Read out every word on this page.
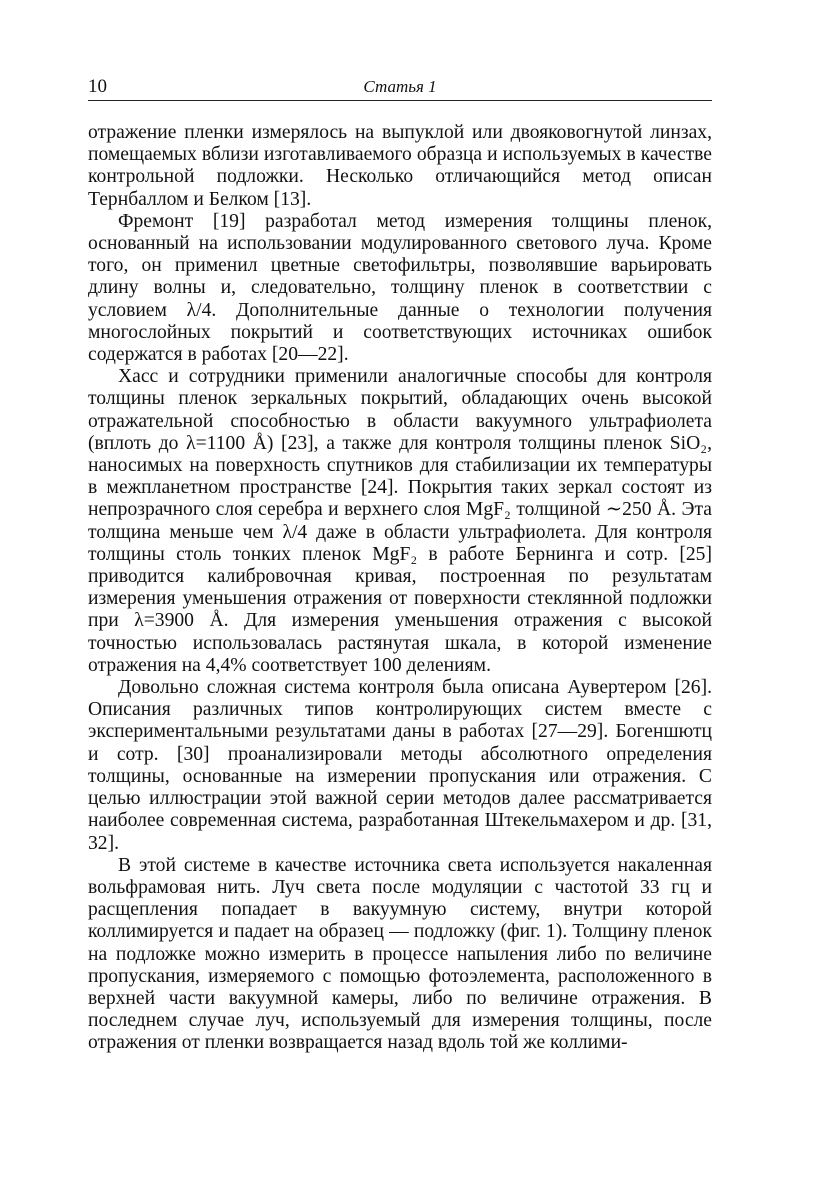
10	Статья 1

отражение пленки измерялось на выпуклой или двояковогнутой линзах, помещаемых вблизи изготавливаемого образца и используемых в качестве контрольной подложки. Несколько отличающийся метод описан Тернбаллом и Белком [13].

Фремонт [19] разработал метод измерения толщины пленок, основанный на использовании модулированного светового луча. Кроме того, он применил цветные светофильтры, позволявшие варьировать длину волны и, следовательно, толщину пленок в соответствии с условием λ/4. Дополнительные данные о технологии получения многослойных покрытий и соответствующих источниках ошибок содержатся в работах [20—22].

Хасс и сотрудники применили аналогичные способы для контроля толщины пленок зеркальных покрытий, обладающих очень высокой отражательной способностью в области вакуумного ультрафиолета (вплоть до λ=1100 Å) [23], а также для контроля толщины пленок SiO₂, наносимых на поверхность спутников для стабилизации их температуры в межпланетном пространстве [24]. Покрытия таких зеркал состоят из непрозрачного слоя серебра и верхнего слоя MgF₂ толщиной ∼250 Å. Эта толщина меньше чем λ/4 даже в области ультрафиолета. Для контроля толщины столь тонких пленок MgF₂ в работе Бернинга и сотр. [25] приводится калибровочная кривая, построенная по результатам измерения уменьшения отражения от поверхности стеклянной подложки при λ=3900 Å. Для измерения уменьшения отражения с высокой точностью использовалась растянутая шкала, в которой изменение отражения на 4,4% соответствует 100 делениям.

Довольно сложная система контроля была описана Аувертером [26]. Описания различных типов контролирующих систем вместе с экспериментальными результатами даны в работах [27—29]. Богеншютц и сотр. [30] проанализировали методы абсолютного определения толщины, основанные на измерении пропускания или отражения. С целью иллюстрации этой важной серии методов далее рассматривается наиболее современная система, разработанная Штекельмахером и др. [31, 32].

В этой системе в качестве источника света используется накаленная вольфрамовая нить. Луч света после модуляции с частотой 33 гц и расщепления попадает в вакуумную систему, внутри которой коллимируется и падает на образец — подложку (фиг. 1). Толщину пленок на подложке можно измерить в процессе напыления либо по величине пропускания, измеряемого с помощью фотоэлемента, расположенного в верхней части вакуумной камеры, либо по величине отражения. В последнем случае луч, используемый для измерения толщины, после отражения от пленки возвращается назад вдоль той же коллими-
